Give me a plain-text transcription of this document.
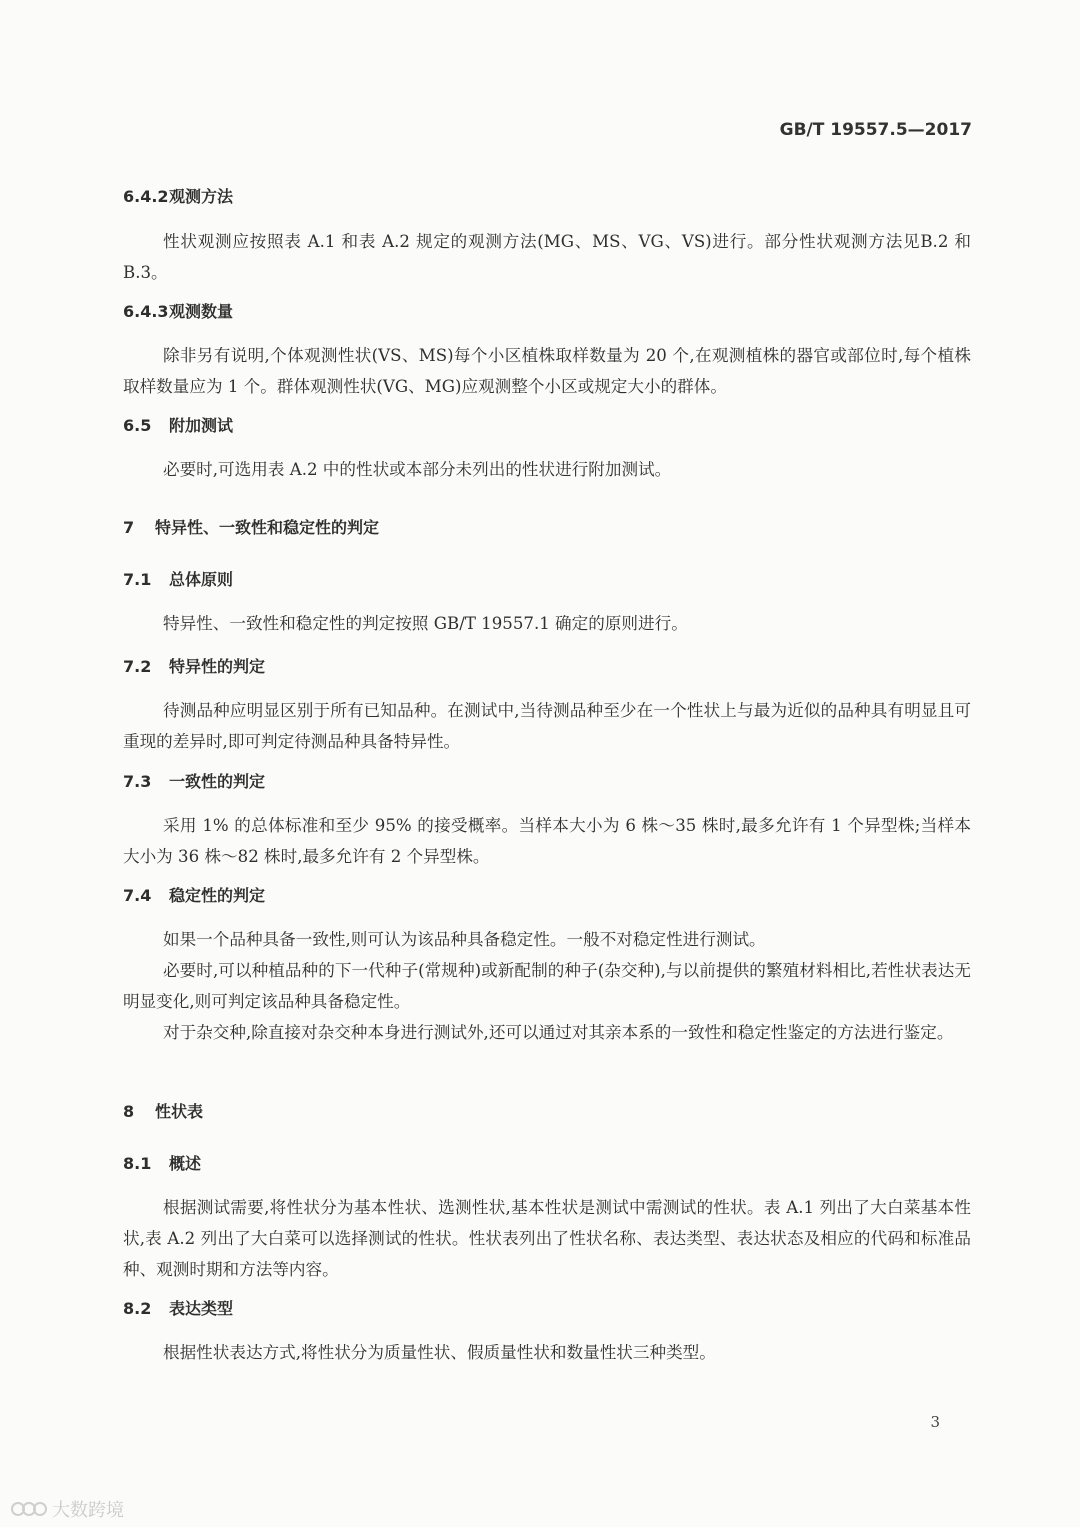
GB/T 19557.5—2017
6.4.2观测方法
性状观测应按照表 A.1 和表 A.2 规定的观测方法(MG、MS、VG、VS)进行。部分性状观测方法见B.2 和 B.3。
6.4.3观测数量
除非另有说明,个体观测性状(VS、MS)每个小区植株取样数量为 20 个,在观测植株的器官或部位时,每个植株取样数量应为 1 个。群体观测性状(VG、MG)应观测整个小区或规定大小的群体。
6.5 附加测试
必要时,可选用表 A.2 中的性状或本部分未列出的性状进行附加测试。
7 特异性、一致性和稳定性的判定
7.1 总体原则
特异性、一致性和稳定性的判定按照 GB/T 19557.1 确定的原则进行。
7.2 特异性的判定
待测品种应明显区别于所有已知品种。在测试中,当待测品种至少在一个性状上与最为近似的品种具有明显且可重现的差异时,即可判定待测品种具备特异性。
7.3 一致性的判定
采用 1% 的总体标准和至少 95% 的接受概率。当样本大小为 6 株～35 株时,最多允许有 1 个异型株;当样本大小为 36 株～82 株时,最多允许有 2 个异型株。
7.4 稳定性的判定
如果一个品种具备一致性,则可认为该品种具备稳定性。一般不对稳定性进行测试。
必要时,可以种植品种的下一代种子(常规种)或新配制的种子(杂交种),与以前提供的繁殖材料相比,若性状表达无明显变化,则可判定该品种具备稳定性。
对于杂交种,除直接对杂交种本身进行测试外,还可以通过对其亲本系的一致性和稳定性鉴定的方法进行鉴定。
8 性状表
8.1 概述
根据测试需要,将性状分为基本性状、选测性状,基本性状是测试中需测试的性状。表 A.1 列出了大白菜基本性状,表 A.2 列出了大白菜可以选择测试的性状。性状表列出了性状名称、表达类型、表达状态及相应的代码和标准品种、观测时期和方法等内容。
8.2 表达类型
根据性状表达方式,将性状分为质量性状、假质量性状和数量性状三种类型。
3
大数跨境
